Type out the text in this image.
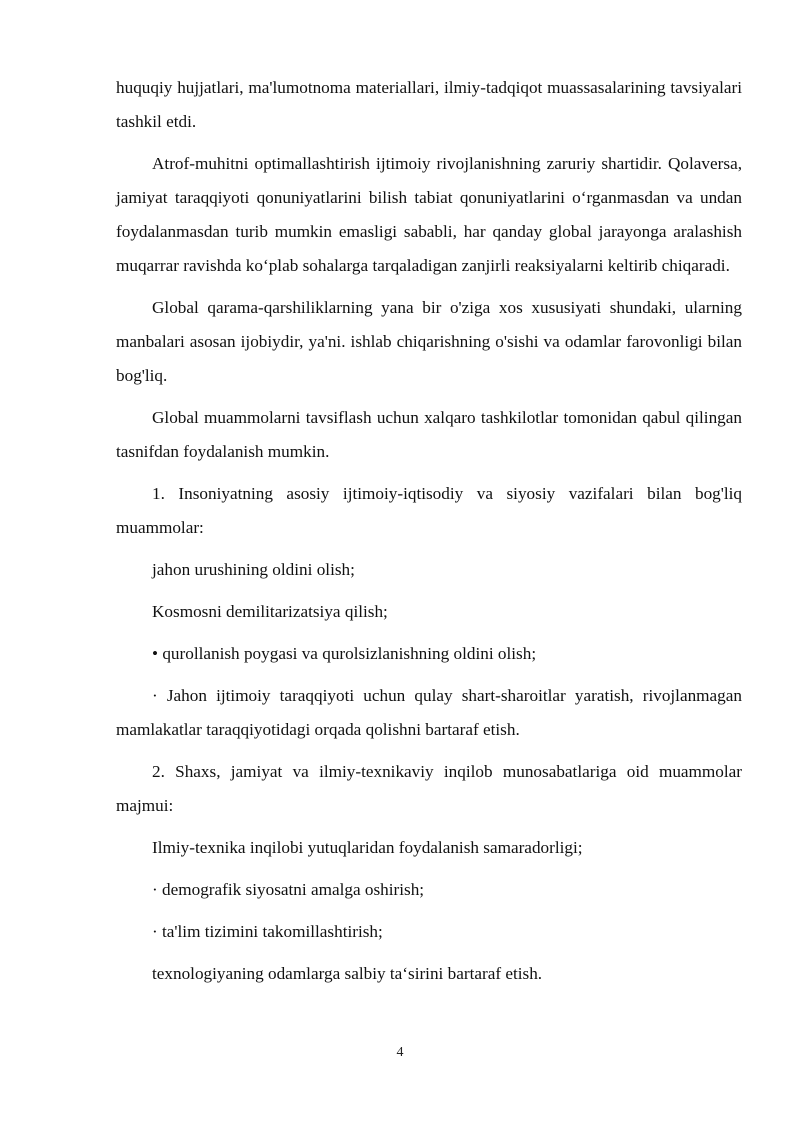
huquqiy hujjatlari, ma'lumotnoma materiallari, ilmiy-tadqiqot muassasalarining tavsiyalari tashkil etdi.

Atrof-muhitni optimallashtirish ijtimoiy rivojlanishning zaruriy shartidir. Qolaversa, jamiyat taraqqiyoti qonuniyatlarini bilish tabiat qonuniyatlarini oʻrganmasdan va undan foydalanmasdan turib mumkin emasligi sababli, har qanday global jarayonga aralashish muqarrar ravishda koʻplab sohalarga tarqaladigan zanjirli reaksiyalarni keltirib chiqaradi.

Global qarama-qarshiliklarning yana bir o'ziga xos xususiyati shundaki, ularning manbalari asosan ijobiydir, ya'ni. ishlab chiqarishning o'sishi va odamlar farovonligi bilan bog'liq.

Global muammolarni tavsiflash uchun xalqaro tashkilotlar tomonidan qabul qilingan tasnifdan foydalanish mumkin.

1. Insoniyatning asosiy ijtimoiy-iqtisodiy va siyosiy vazifalari bilan bog'liq muammolar:

jahon urushining oldini olish;

Kosmosni demilitarizatsiya qilish;

• qurollanish poygasi va qurolsizlanishning oldini olish;

· Jahon ijtimoiy taraqqiyoti uchun qulay shart-sharoitlar yaratish, rivojlanmagan mamlakatlar taraqqiyotidagi orqada qolishni bartaraf etish.

2. Shaxs, jamiyat va ilmiy-texnikaviy inqilob munosabatlariga oid muammolar majmui:

Ilmiy-texnika inqilobi yutuqlaridan foydalanish samaradorligi;

· demografik siyosatni amalga oshirish;

· ta'lim tizimini takomillashtirish;

texnologiyaning odamlarga salbiy taʻsirini bartaraf etish.

4
